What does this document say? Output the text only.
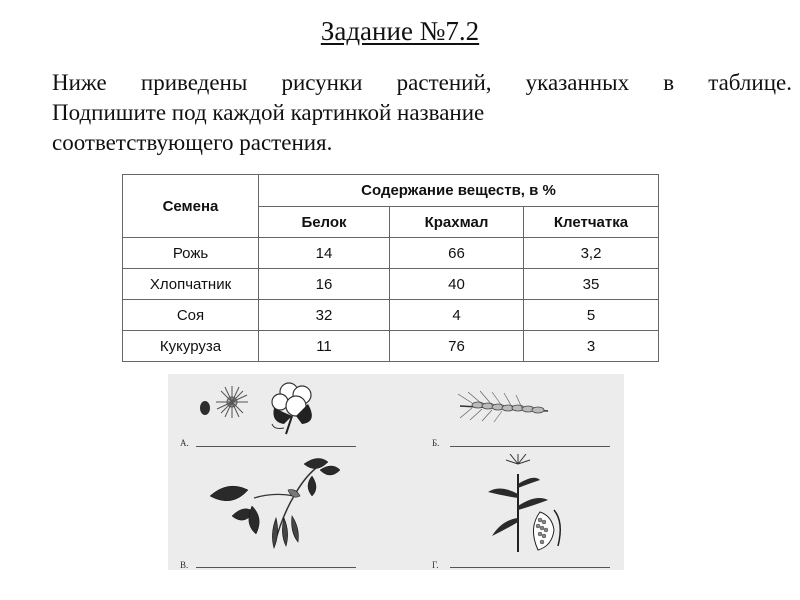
Задание №7.2
Ниже приведены рисунки растений, указанных в таблице.
Подпишите под каждой картинкой название
соответствующего растения.
Семена	Содержание веществ, в %		
	Белок	Крахмал	Клетчатка
Рожь	14	66	3,2
Хлопчатник	16	40	35
Соя	32	4	5
Кукуруза	11	76	3
А.	Б.
В.	Г.
